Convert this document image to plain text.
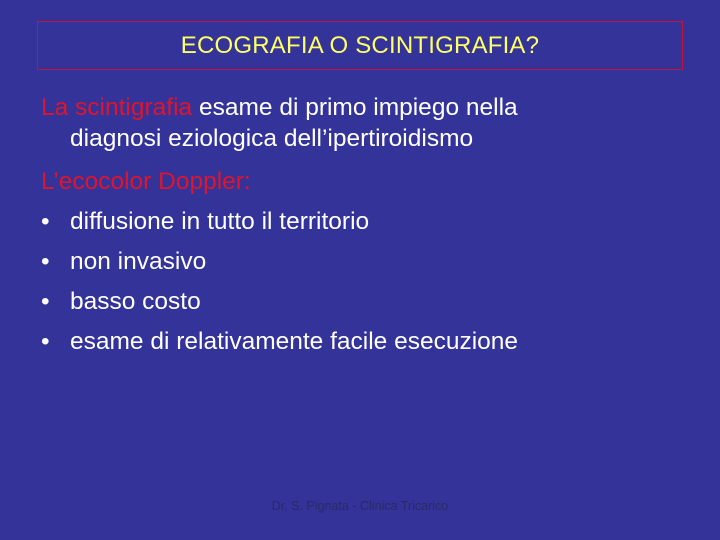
ECOGRAFIA O SCINTIGRAFIA?
La scintigrafia esame di primo impiego nella
diagnosi eziologica dell’ipertiroidismo
L’ecocolor Doppler:
• diffusione in tutto il territorio
• non invasivo
• basso costo
• esame di relativamente facile esecuzione
Dr. S. Pignata - Clinica Tricarico
